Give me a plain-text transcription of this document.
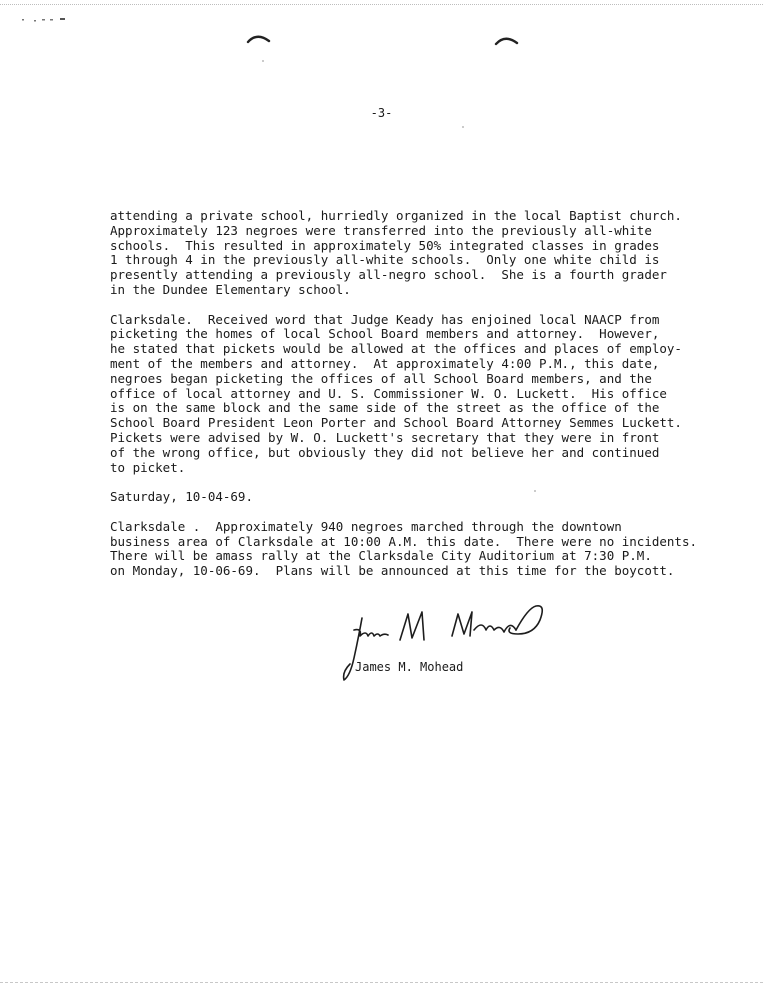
-3-
attending a private school, hurriedly organized in the local Baptist church.
Approximately 123 negroes were transferred into the previously all-white
schools.  This resulted in approximately 50% integrated classes in grades
1 through 4 in the previously all-white schools.  Only one white child is
presently attending a previously all-negro school.  She is a fourth grader
in the Dundee Elementary school.
Clarksdale.  Received word that Judge Keady has enjoined local NAACP from
picketing the homes of local School Board members and attorney.  However,
he stated that pickets would be allowed at the offices and places of employ-
ment of the members and attorney.  At approximately 4:00 P.M., this date,
negroes began picketing the offices of all School Board members, and the
office of local attorney and U. S. Commissioner W. O. Luckett.  His office
is on the same block and the same side of the street as the office of the
School Board President Leon Porter and School Board Attorney Semmes Luckett.
Pickets were advised by W. O. Luckett's secretary that they were in front
of the wrong office, but obviously they did not believe her and continued
to picket.
Saturday, 10-04-69.
Clarksdale .  Approximately 940 negroes marched through the downtown
business area of Clarksdale at 10:00 A.M. this date.  There were no incidents.
There will be amass rally at the Clarksdale City Auditorium at 7:30 P.M.
on Monday, 10-06-69.  Plans will be announced at this time for the boycott.
James M. Mohead
